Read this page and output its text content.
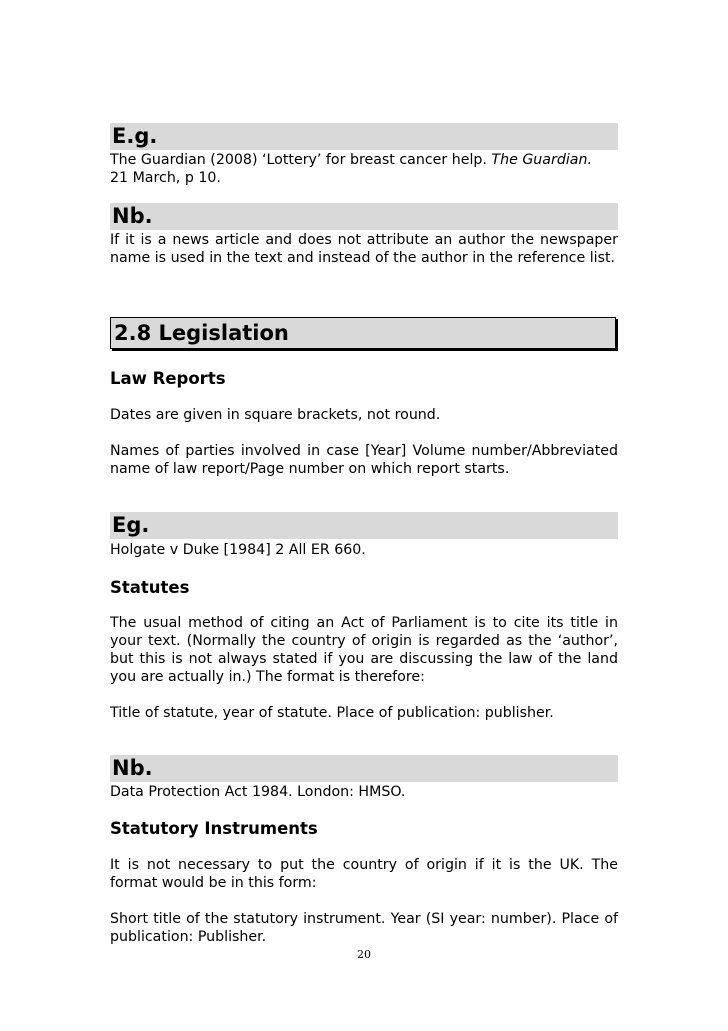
E.g.
The Guardian (2008) ‘Lottery’ for breast cancer help. The Guardian.
21 March, p 10.
Nb.
If it is a news article and does not attribute an author the newspaper name is used in the text and instead of the author in the reference list.
2.8 Legislation
Law Reports
Dates are given in square brackets, not round.
Names of parties involved in case [Year] Volume number/Abbreviated name of law report/Page number on which report starts.
Eg.
Holgate v Duke [1984] 2 All ER 660.
Statutes
The usual method of citing an Act of Parliament is to cite its title in your text. (Normally the country of origin is regarded as the ‘author’, but this is not always stated if you are discussing the law of the land you are actually in.) The format is therefore:
Title of statute, year of statute. Place of publication: publisher.
Nb.
Data Protection Act 1984. London: HMSO.
Statutory Instruments
It is not necessary to put the country of origin if it is the UK. The format would be in this form:
Short title of the statutory instrument. Year (SI year: number). Place of publication: Publisher.
20
